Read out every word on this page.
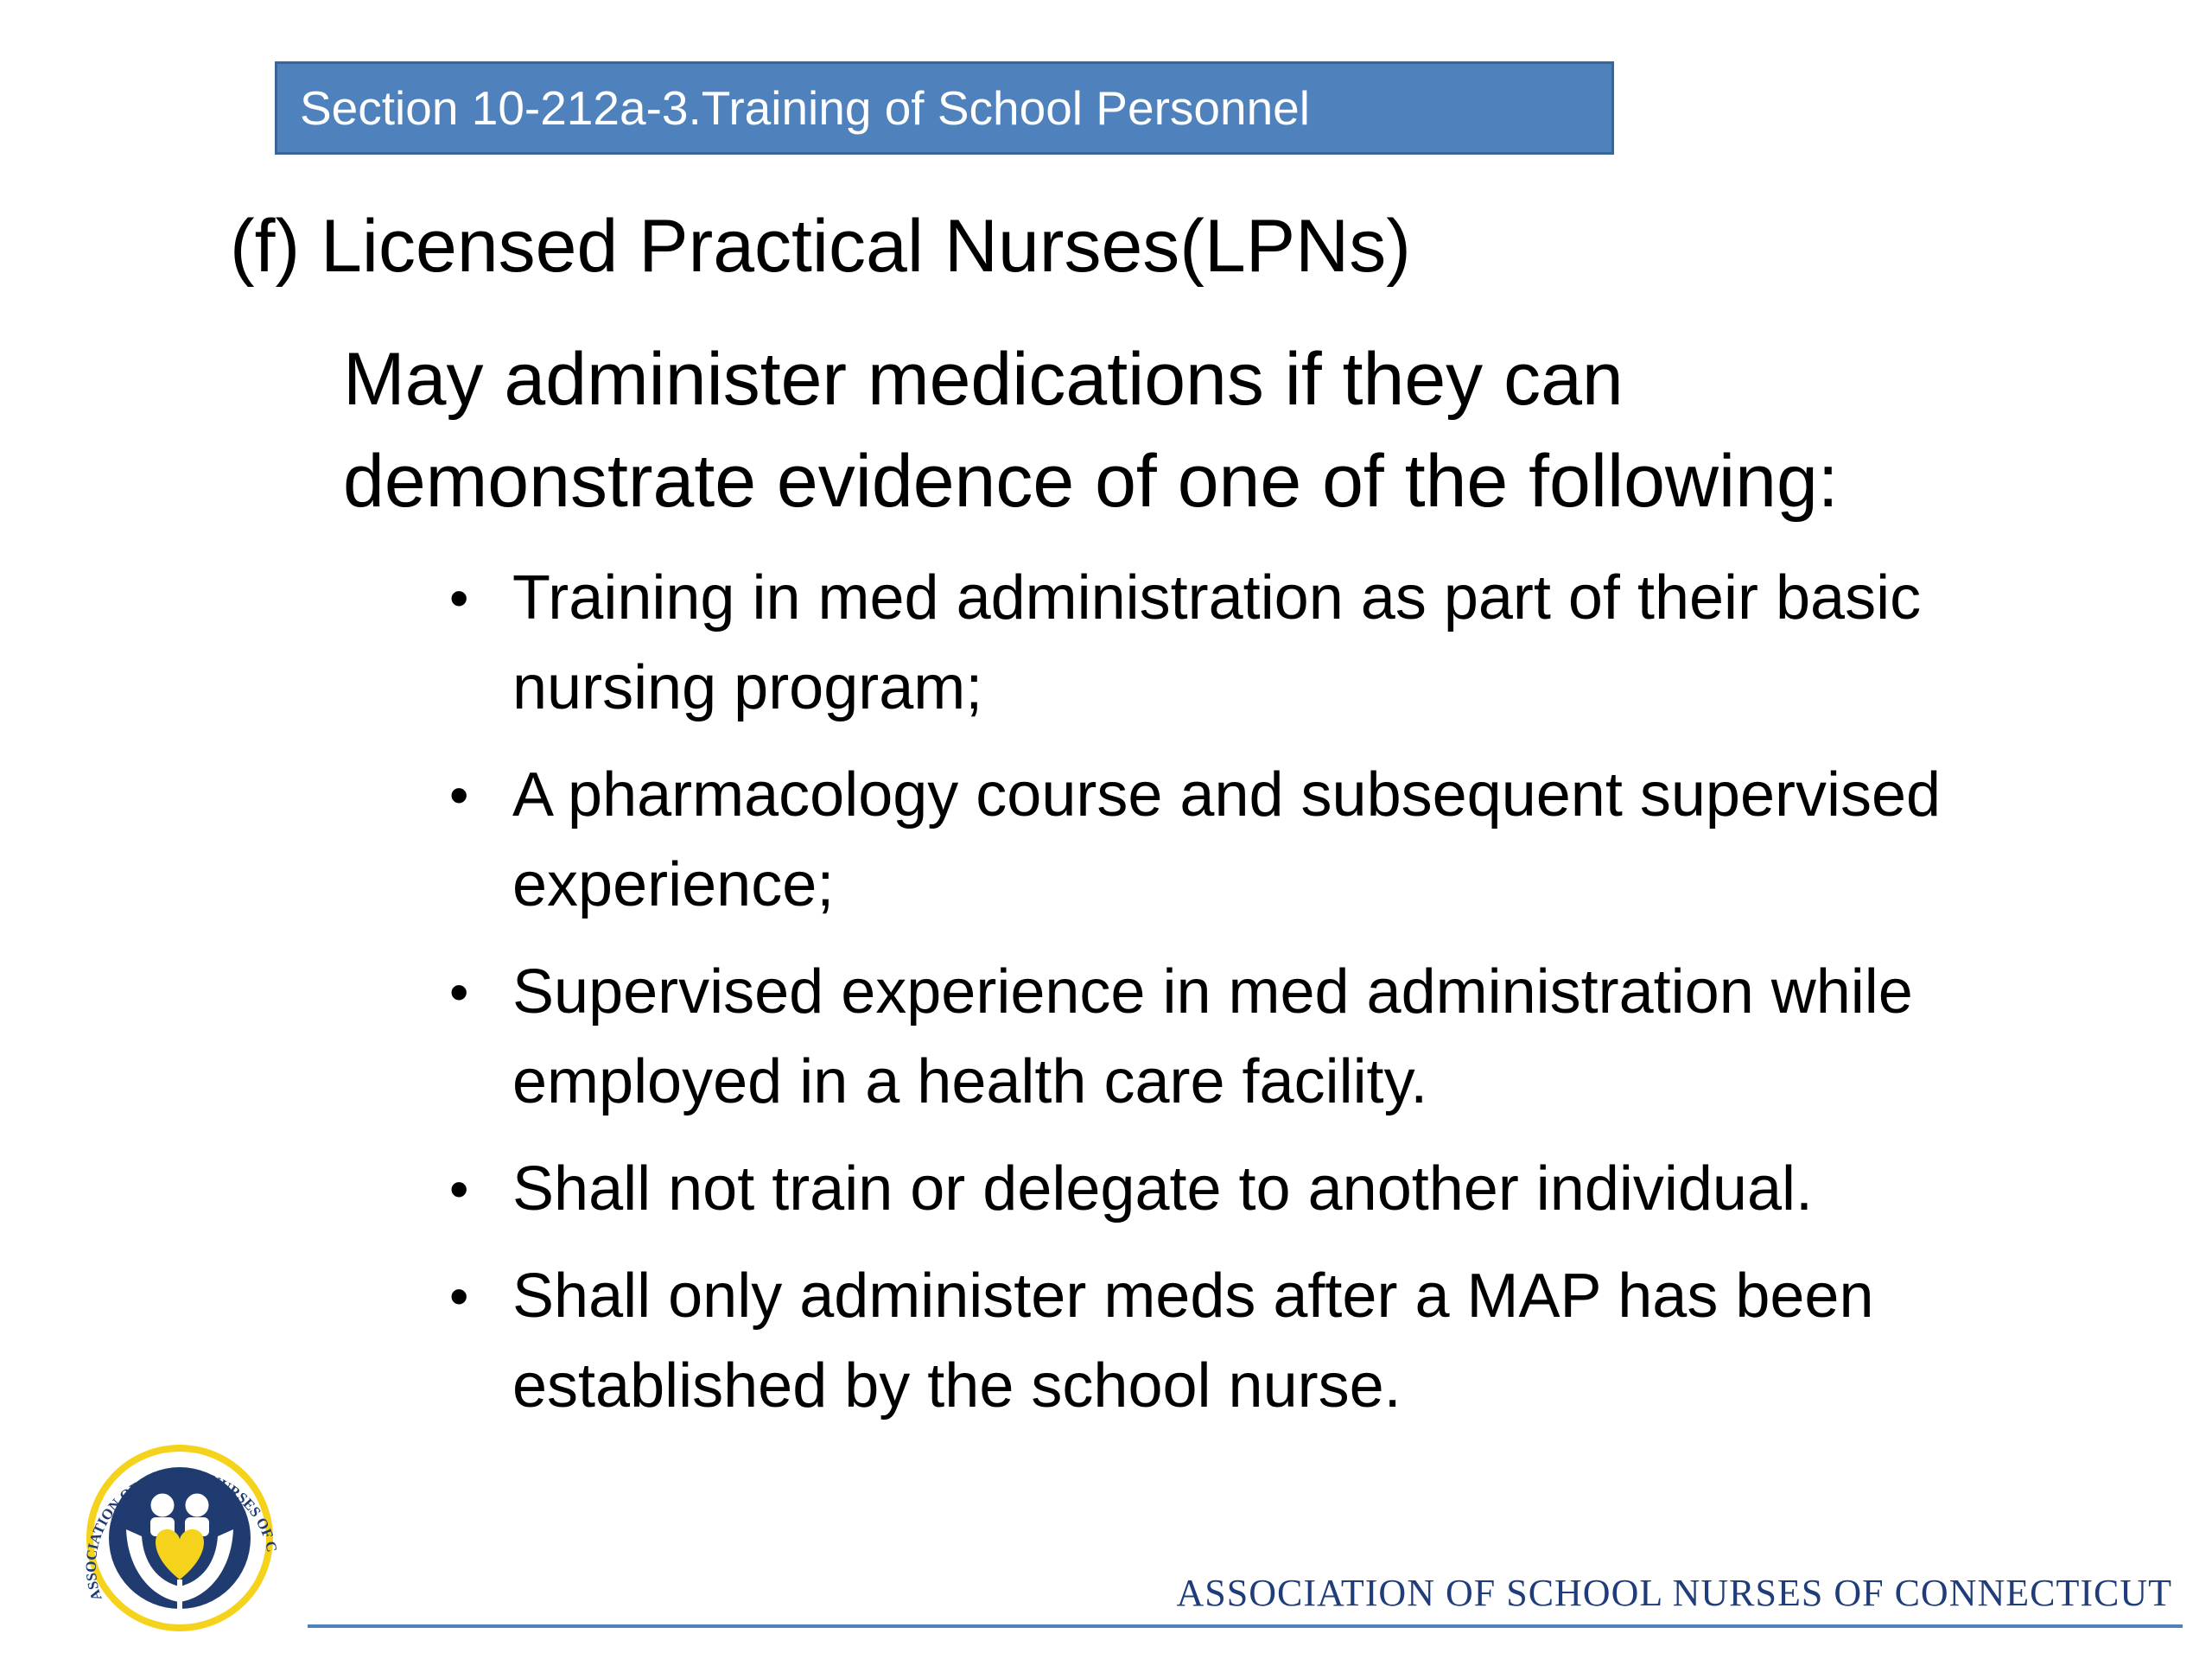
Section 10-212a-3.Training of School Personnel
(f) Licensed Practical Nurses(LPNs)
May administer medications if they can demonstrate evidence of one of the following:
• Training in med administration as part of their basic nursing program;
• A pharmacology course and subsequent supervised experience;
• Supervised experience in med administration while employed in a health care facility.
• Shall not train or delegate to another individual.
• Shall only administer meds after a MAP has been established by the school nurse.
ASSOCIATION OF SCHOOL NURSES OF C
ASSOCIATION OF SCHOOL NURSES OF CONNECTICUT
